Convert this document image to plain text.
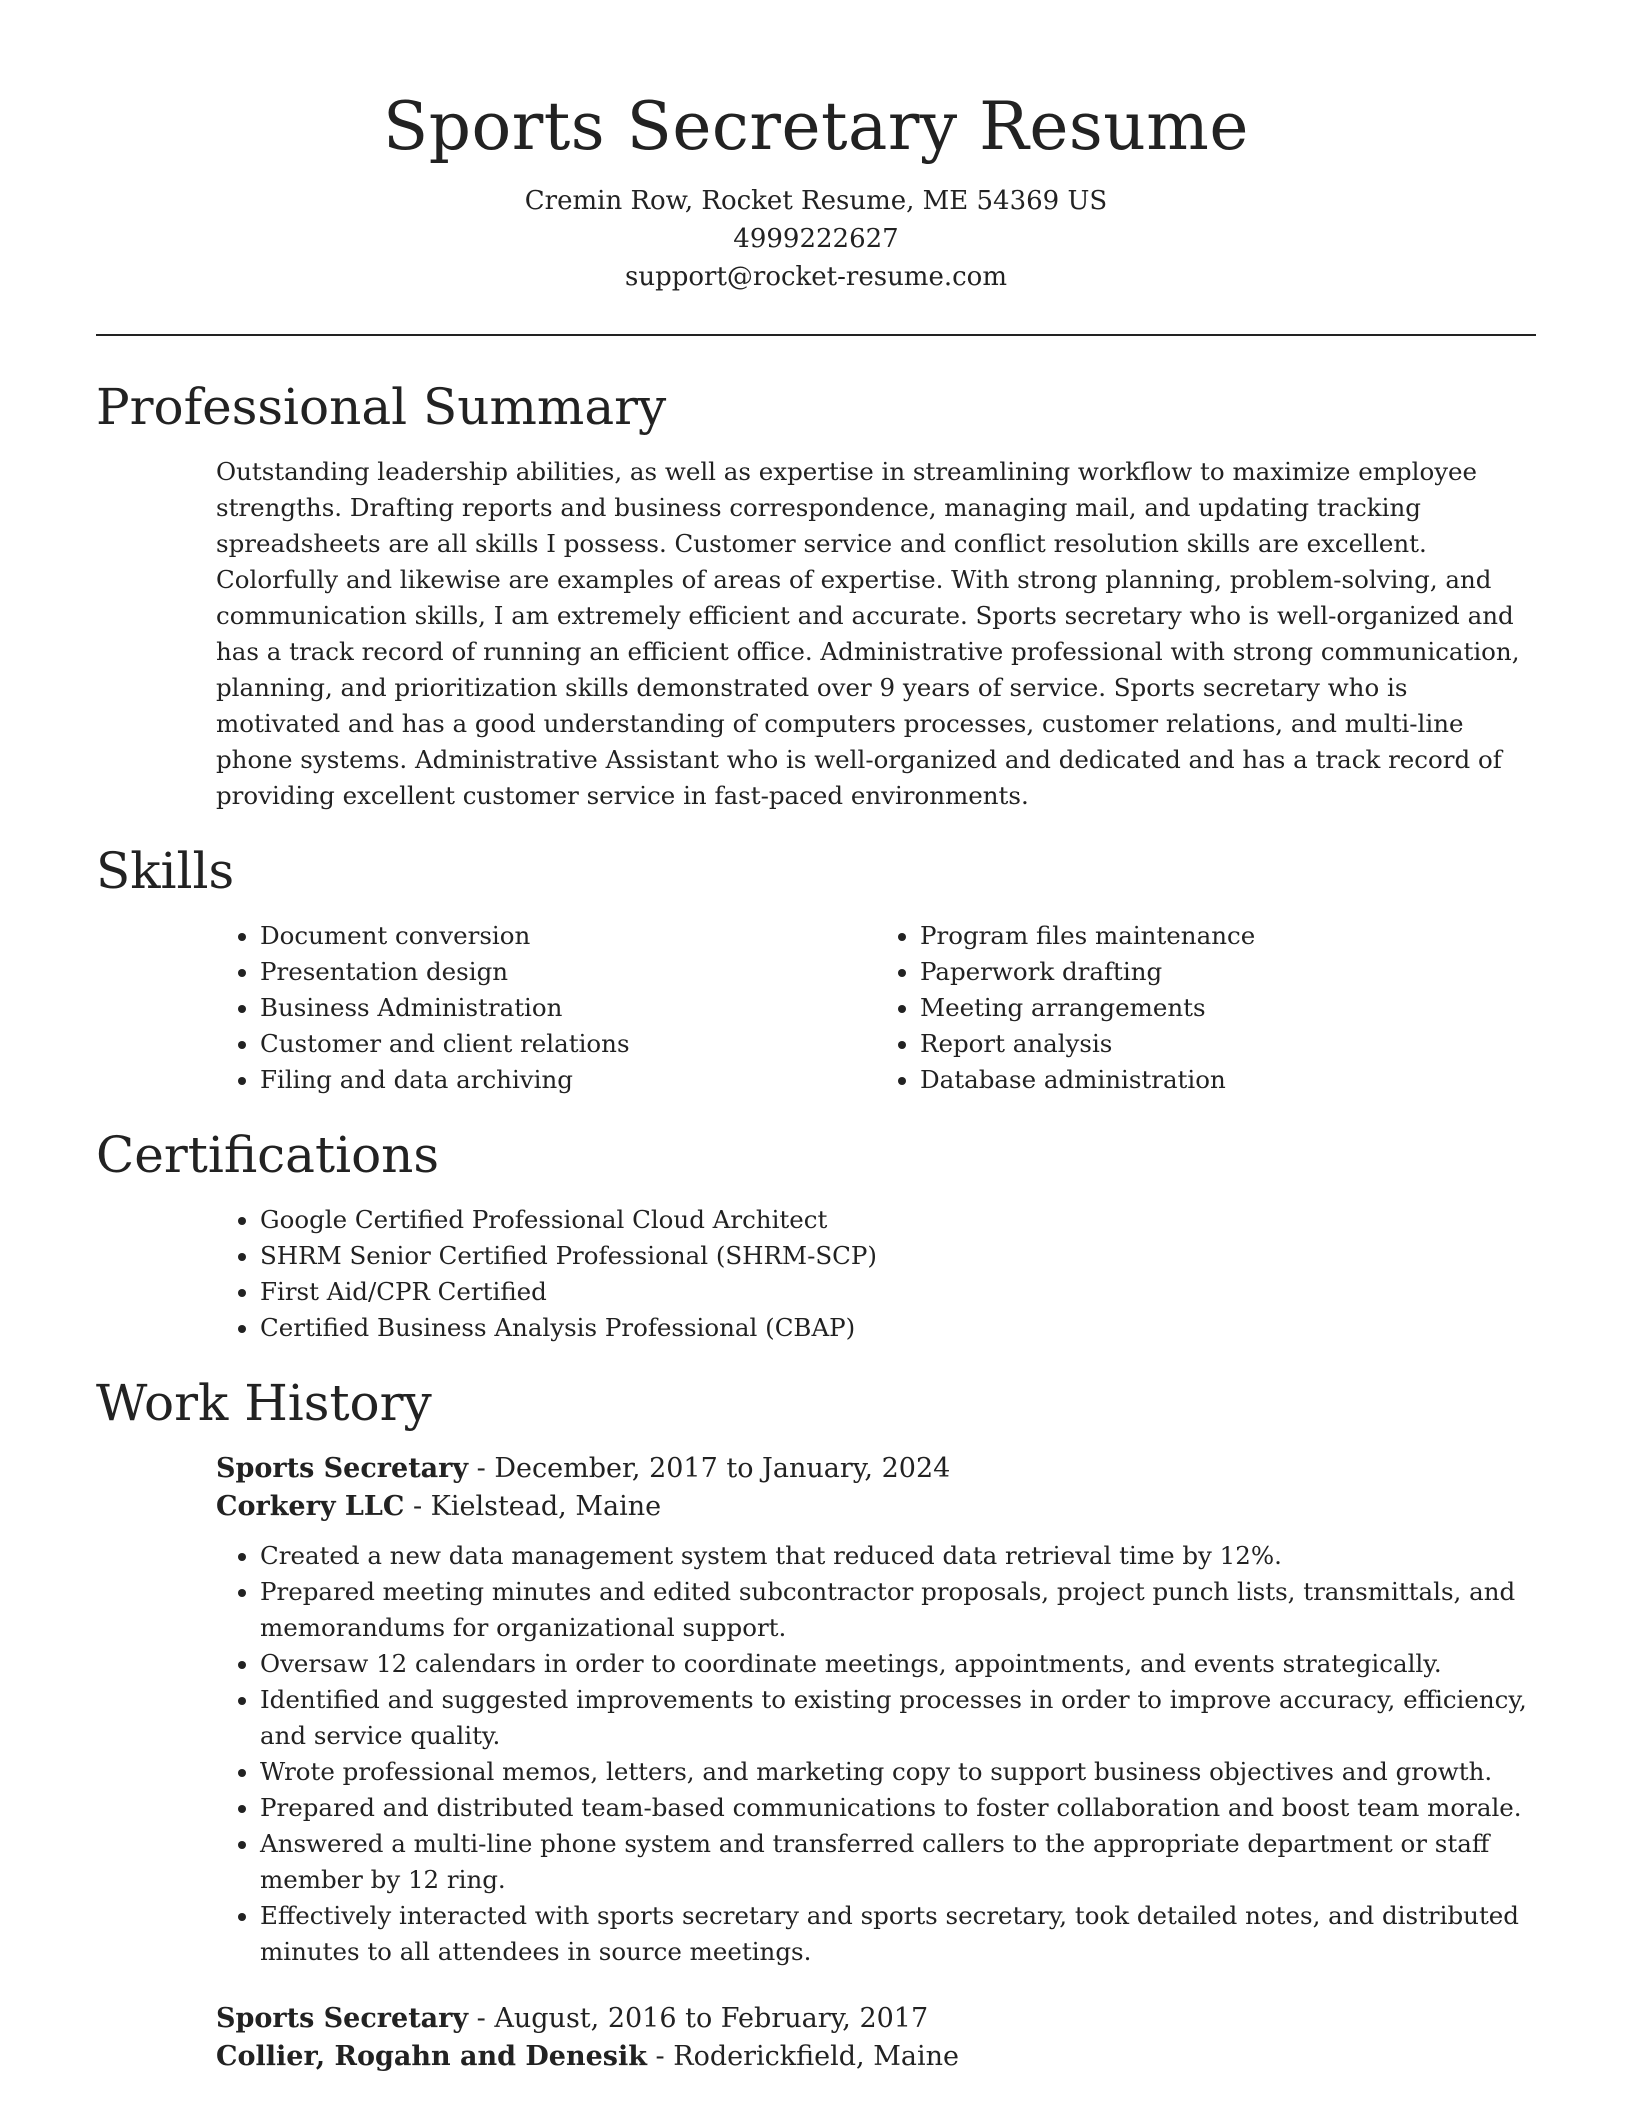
Sports Secretary Resume

Cremin Row, Rocket Resume, ME 54369 US

4999222627

support@rocket-resume.com

Professional Summary

Outstanding leadership abilities, as well as expertise in streamlining workflow to maximize employee strengths. Drafting reports and business correspondence, managing mail, and updating tracking spreadsheets are all skills I possess. Customer service and conflict resolution skills are excellent. Colorfully and likewise are examples of areas of expertise. With strong planning, problem-solving, and communication skills, I am extremely efficient and accurate. Sports secretary who is well-organized and has a track record of running an efficient office. Administrative professional with strong communication, planning, and prioritization skills demonstrated over 9 years of service. Sports secretary who is motivated and has a good understanding of computers processes, customer relations, and multi-line phone systems. Administrative Assistant who is well-organized and dedicated and has a track record of providing excellent customer service in fast-paced environments.

Skills
• Document conversion
• Presentation design
• Business Administration
• Customer and client relations
• Filing and data archiving
• Program files maintenance
• Paperwork drafting
• Meeting arrangements
• Report analysis
• Database administration
Certifications
• Google Certified Professional Cloud Architect
• SHRM Senior Certified Professional (SHRM-SCP)
• First Aid/CPR Certified
• Certified Business Analysis Professional (CBAP)
Work History

Sports Secretary - December, 2017 to January, 2024

Corkery LLC - Kielstead, Maine

• Created a new data management system that reduced data retrieval time by 12%.
• Prepared meeting minutes and edited subcontractor proposals, project punch lists, transmittals, and memorandums for organizational support.
• Oversaw 12 calendars in order to coordinate meetings, appointments, and events strategically.
• Identified and suggested improvements to existing processes in order to improve accuracy, efficiency, and service quality.
• Wrote professional memos, letters, and marketing copy to support business objectives and growth.
• Prepared and distributed team-based communications to foster collaboration and boost team morale.
• Answered a multi-line phone system and transferred callers to the appropriate department or staff member by 12 ring.
• Effectively interacted with sports secretary and sports secretary, took detailed notes, and distributed minutes to all attendees in source meetings.

Sports Secretary - August, 2016 to February, 2017

Collier, Rogahn and Denesik - Roderickfield, Maine
